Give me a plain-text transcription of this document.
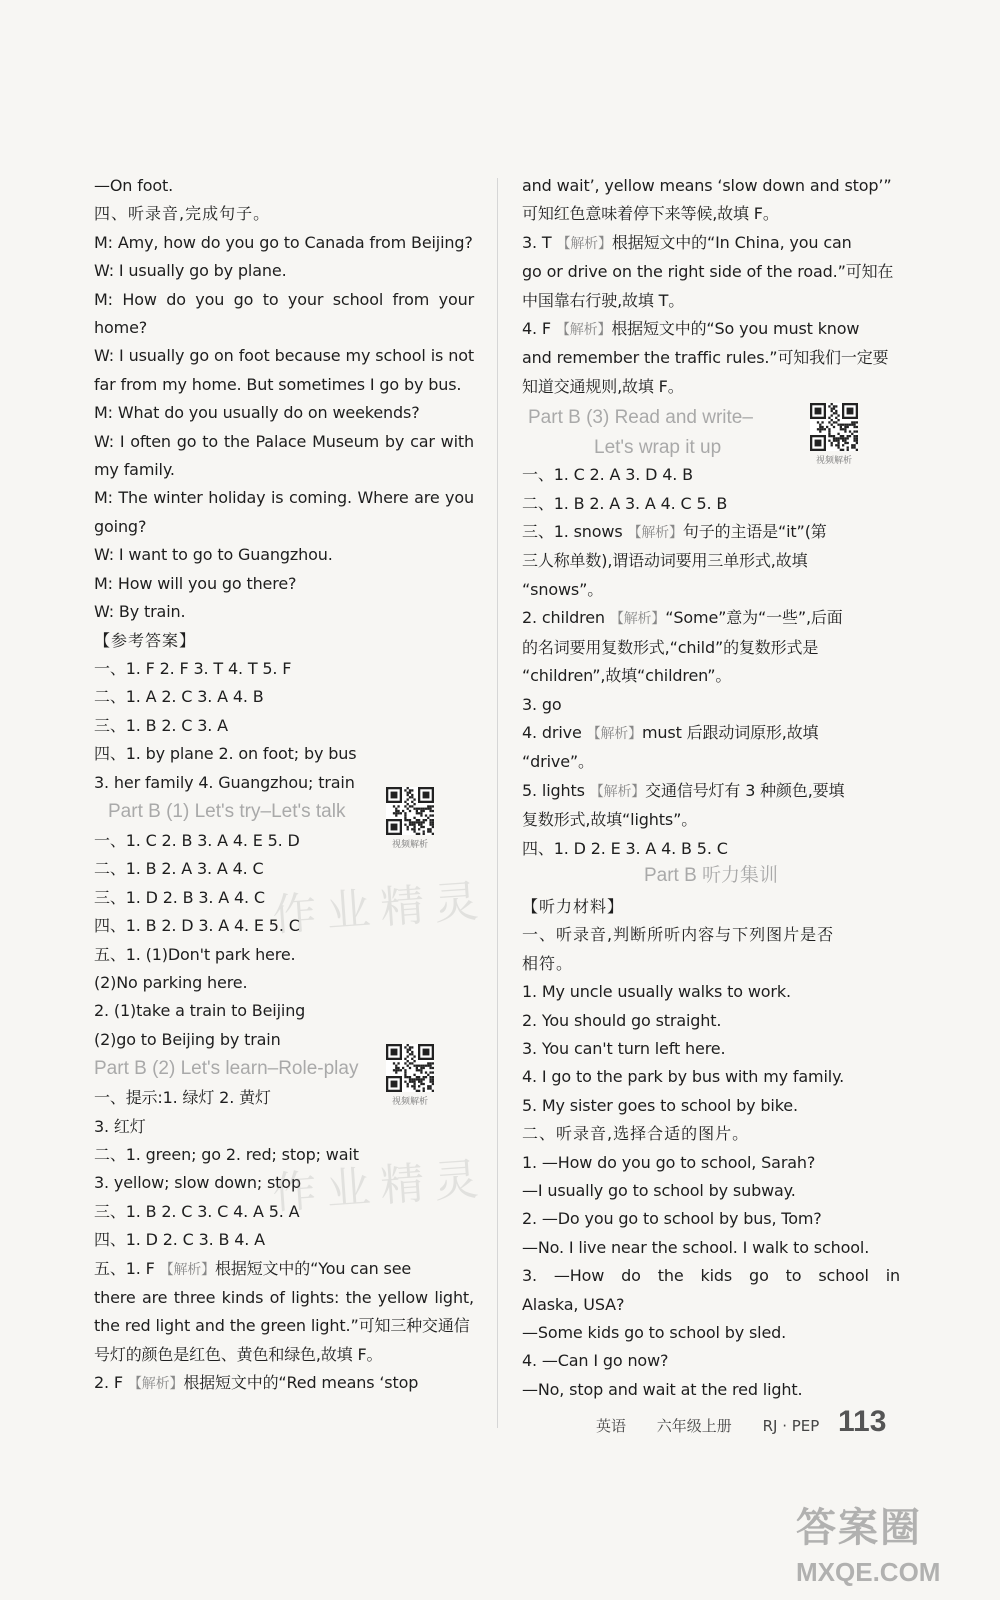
—On foot.
四、听录音,完成句子。
M: Amy, how do you go to Canada from Beijing?
W: I usually go by plane.
M: How do you go to your school from your
home?
W: I usually go on foot because my school is not
far from my home. But sometimes I go by bus.
M: What do you usually do on weekends?
W: I often go to the Palace Museum by car with
my family.
M: The winter holiday is coming. Where are you
going?
W: I want to go to Guangzhou.
M: How will you go there?
W: By train.
【参考答案】
一、1. F 2. F 3. T 4. T 5. F
二、1. A 2. C 3. A 4. B
三、1. B 2. C 3. A
四、1. by plane 2. on foot; by bus
3. her family 4. Guangzhou; train
Part B (1) Let's try–Let's talk
视频解析
一、1. C 2. B 3. A 4. E 5. D
二、1. B 2. A 3. A 4. C
三、1. D 2. B 3. A 4. C
四、1. B 2. D 3. A 4. E 5. C
五、1. (1)Don't park here.
(2)No parking here.
2. (1)take a train to Beijing
(2)go to Beijing by train
Part B (2) Let's learn–Role-play
视频解析
一、提示:1. 绿灯 2. 黄灯
3. 红灯
二、1. green; go 2. red; stop; wait
3. yellow; slow down; stop
三、1. B 2. C 3. C 4. A 5. A
四、1. D 2. C 3. B 4. A
五、1. F 【解析】根据短文中的“You can see
there are three kinds of lights: the yellow light,
the red light and the green light.”可知三种交通信
号灯的颜色是红色、黄色和绿色,故填 F。
2. F 【解析】根据短文中的“Red means ‘stop
and wait’, yellow means ‘slow down and stop’”
可知红色意味着停下来等候,故填 F。
3. T 【解析】根据短文中的“In China, you can
go or drive on the right side of the road.”可知在
中国靠右行驶,故填 T。
4. F 【解析】根据短文中的“So you must know
and remember the traffic rules.”可知我们一定要
知道交通规则,故填 F。
Part B (3) Read and write–
Let's wrap it up
视频解析
一、1. C 2. A 3. D 4. B
二、1. B 2. A 3. A 4. C 5. B
三、1. snows 【解析】句子的主语是“it”(第
三人称单数),谓语动词要用三单形式,故填
“snows”。
2. children 【解析】“Some”意为“一些”,后面
的名词要用复数形式,“child”的复数形式是
“children”,故填“children”。
3. go
4. drive 【解析】must 后跟动词原形,故填
“drive”。
5. lights 【解析】交通信号灯有 3 种颜色,要填
复数形式,故填“lights”。
四、1. D 2. E 3. A 4. B 5. C
Part B 听力集训
【听力材料】
一、听录音,判断所听内容与下列图片是否
相符。
1. My uncle usually walks to work.
2. You should go straight.
3. You can't turn left here.
4. I go to the park by bus with my family.
5. My sister goes to school by bike.
二、听录音,选择合适的图片。
1. —How do you go to school, Sarah?
—I usually go to school by subway.
2. —Do you go to school by bus, Tom?
—No. I live near the school. I walk to school.
3. —How do the kids go to school in
Alaska, USA?
—Some kids go to school by sled.
4. —Can I go now?
—No, stop and wait at the red light.
作业精灵
作业精灵
英语 六年级上册 RJ · PEP 113
答案圈
MXQE.COM
